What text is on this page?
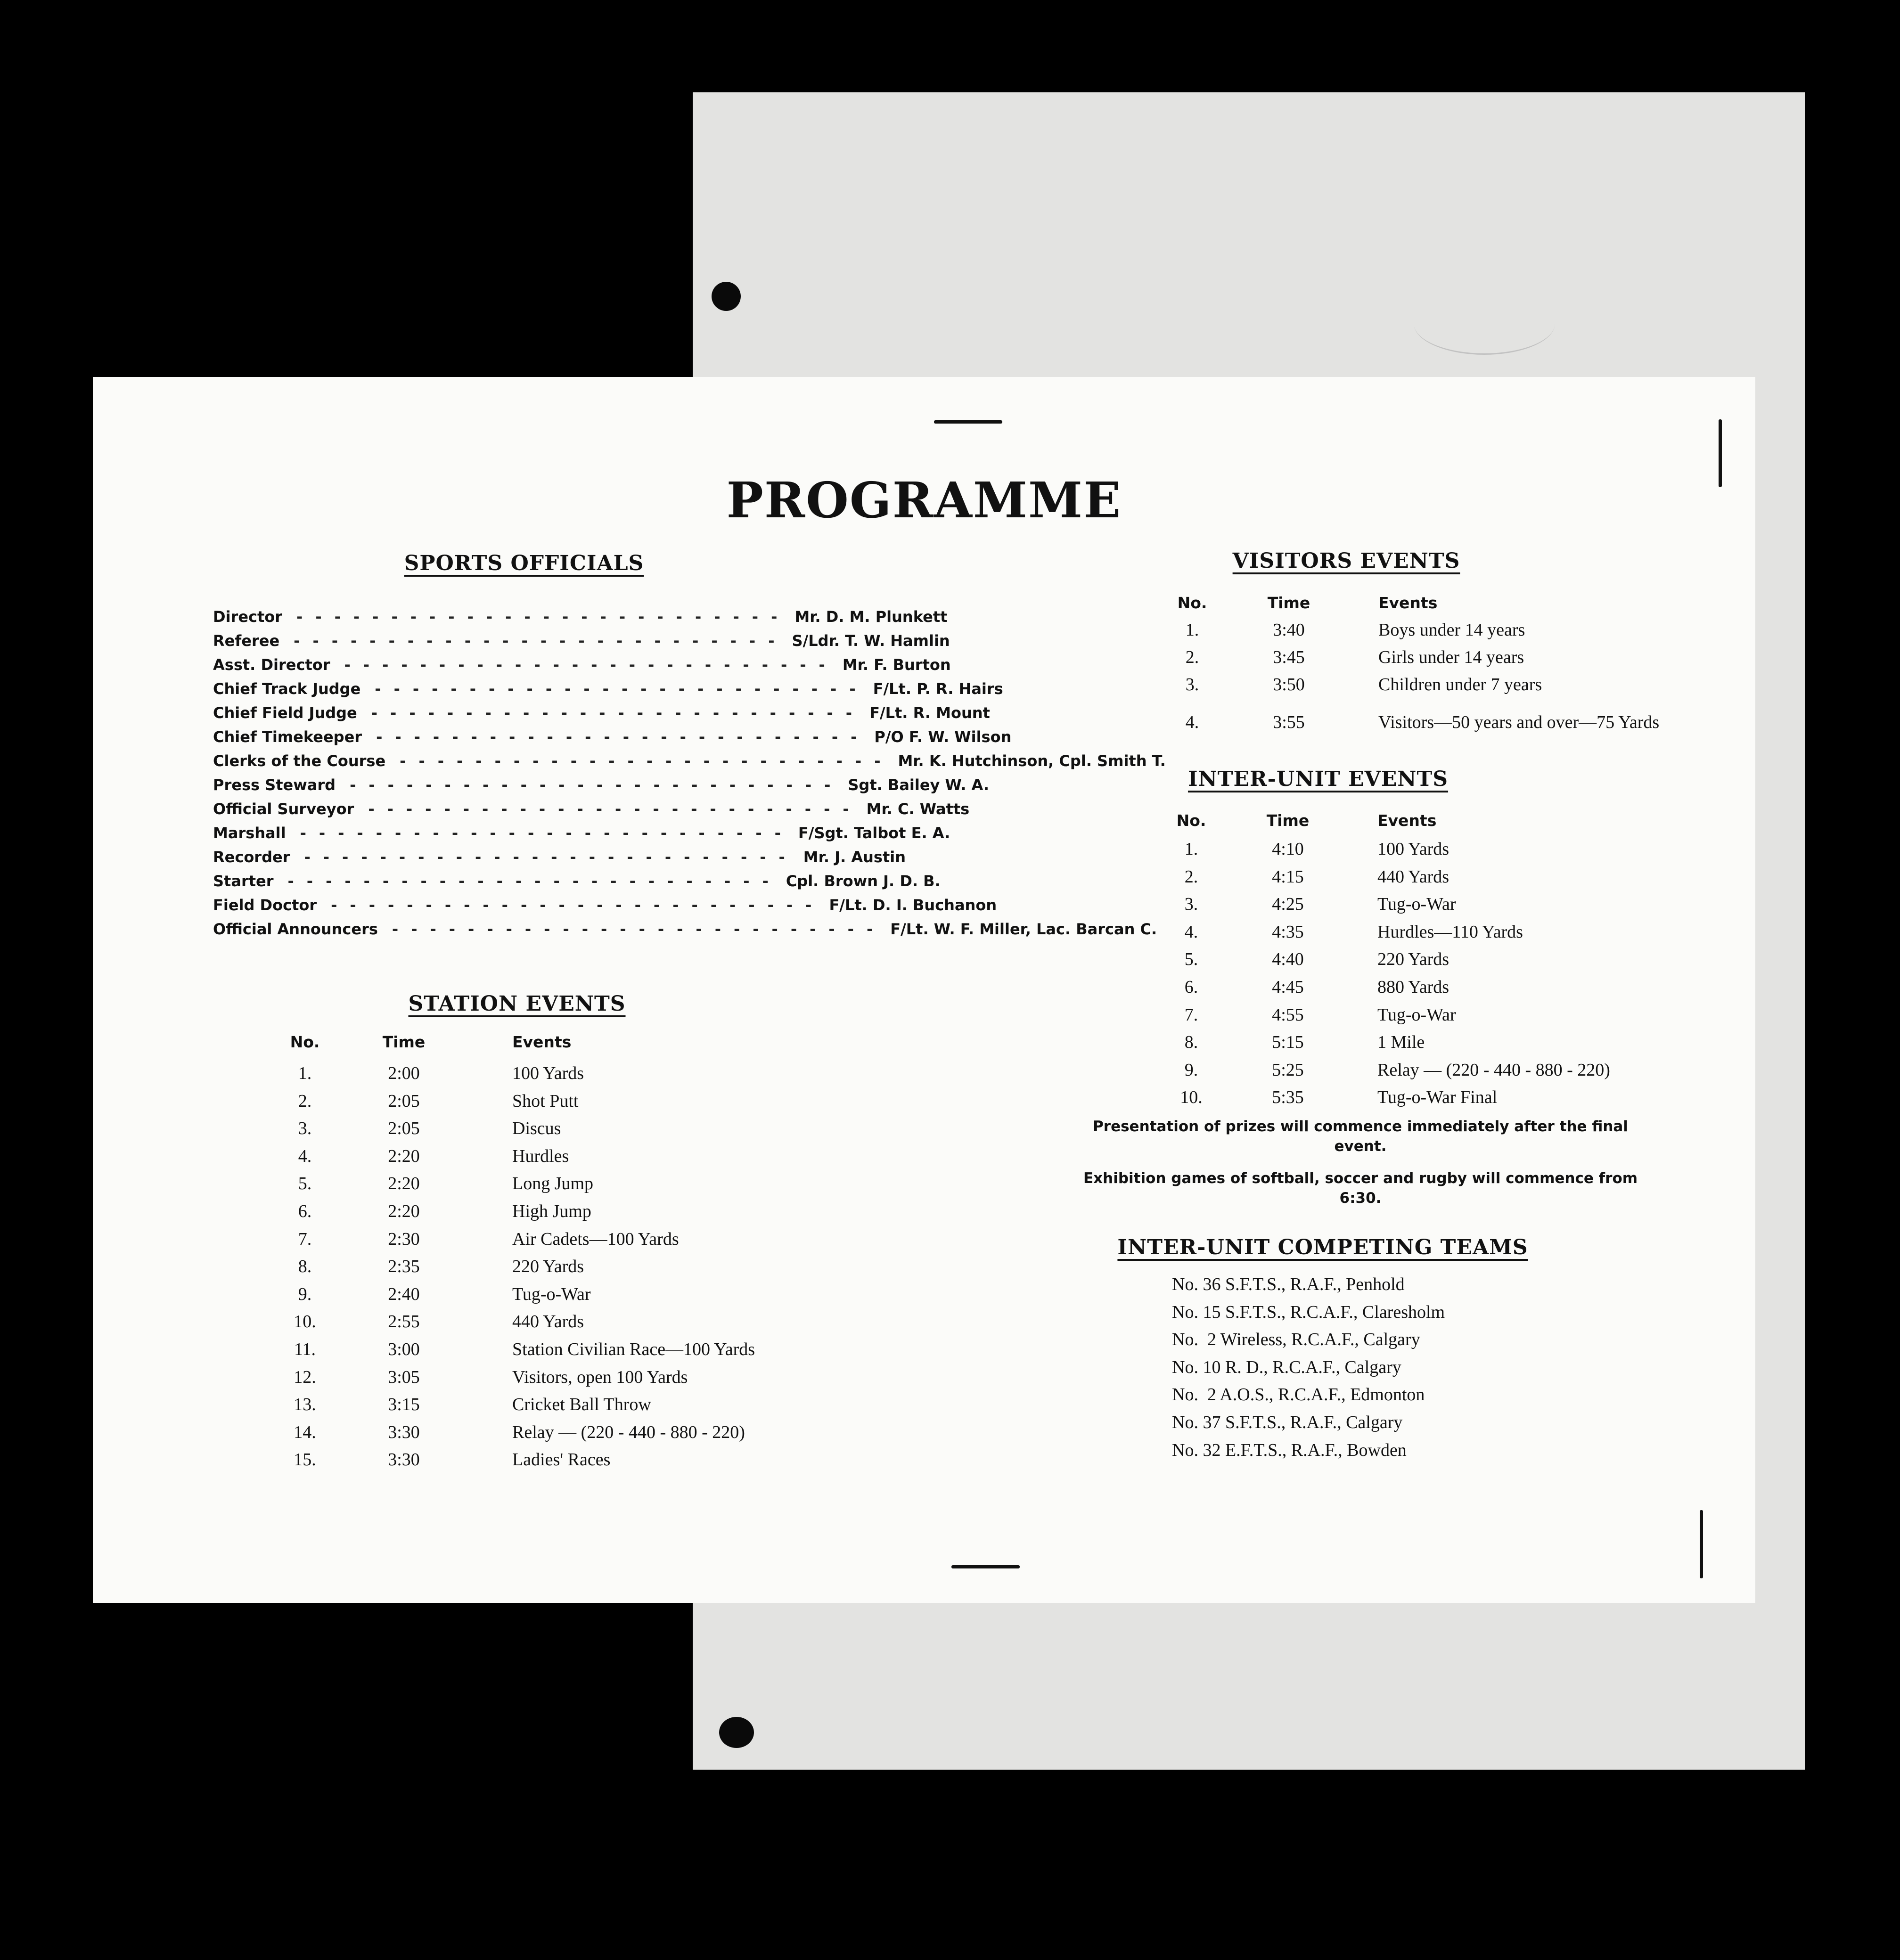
PROGRAMME
SPORTS OFFICIALS
Director -------------------------- Mr. D. M. Plunkett
Referee -------------------------- S/Ldr. T. W. Hamlin
Asst. Director -------------------------- Mr. F. Burton
Chief Track Judge -------------------------- F/Lt. P. R. Hairs
Chief Field Judge -------------------------- F/Lt. R. Mount
Chief Timekeeper -------------------------- P/O F. W. Wilson
Clerks of the Course -------------------------- Mr. K. Hutchinson, Cpl. Smith T.
Press Steward -------------------------- Sgt. Bailey W. A.
Official Surveyor -------------------------- Mr. C. Watts
Marshall -------------------------- F/Sgt. Talbot E. A.
Recorder -------------------------- Mr. J. Austin
Starter -------------------------- Cpl. Brown J. D. B.
Field Doctor -------------------------- F/Lt. D. I. Buchanon
Official Announcers -------------------------- F/Lt. W. F. Miller, Lac. Barcan C.
STATION EVENTS
No.	Time	Events
1.	2:00	100 Yards
2.	2:05	Shot Putt
3.	2:05	Discus
4.	2:20	Hurdles
5.	2:20	Long Jump
6.	2:20	High Jump
7.	2:30	Air Cadets—100 Yards
8.	2:35	220 Yards
9.	2:40	Tug-o-War
10.	2:55	440 Yards
11.	3:00	Station Civilian Race—100 Yards
12.	3:05	Visitors, open 100 Yards
13.	3:15	Cricket Ball Throw
14.	3:30	Relay — (220 - 440 - 880 - 220)
15.	3:30	Ladies' Races
VISITORS EVENTS
No.	Time	Events
1.	3:40	Boys under 14 years
2.	3:45	Girls under 14 years
3.	3:50	Children under 7 years
4.	3:55	Visitors—50 years and over—75 Yards
INTER-UNIT EVENTS
No.	Time	Events
1.	4:10	100 Yards
2.	4:15	440 Yards
3.	4:25	Tug-o-War
4.	4:35	Hurdles—110 Yards
5.	4:40	220 Yards
6.	4:45	880 Yards
7.	4:55	Tug-o-War
8.	5:15	1 Mile
9.	5:25	Relay — (220 - 440 - 880 - 220)
10.	5:35	Tug-o-War Final
Presentation of prizes will commence immediately after the final event.
Exhibition games of softball, soccer and rugby will commence from 6:30.
INTER-UNIT COMPETING TEAMS
No. 36 S.F.T.S., R.A.F., Penhold
No. 15 S.F.T.S., R.C.A.F., Claresholm
No.  2 Wireless, R.C.A.F., Calgary
No. 10 R. D., R.C.A.F., Calgary
No.  2 A.O.S., R.C.A.F., Edmonton
No. 37 S.F.T.S., R.A.F., Calgary
No. 32 E.F.T.S., R.A.F., Bowden
